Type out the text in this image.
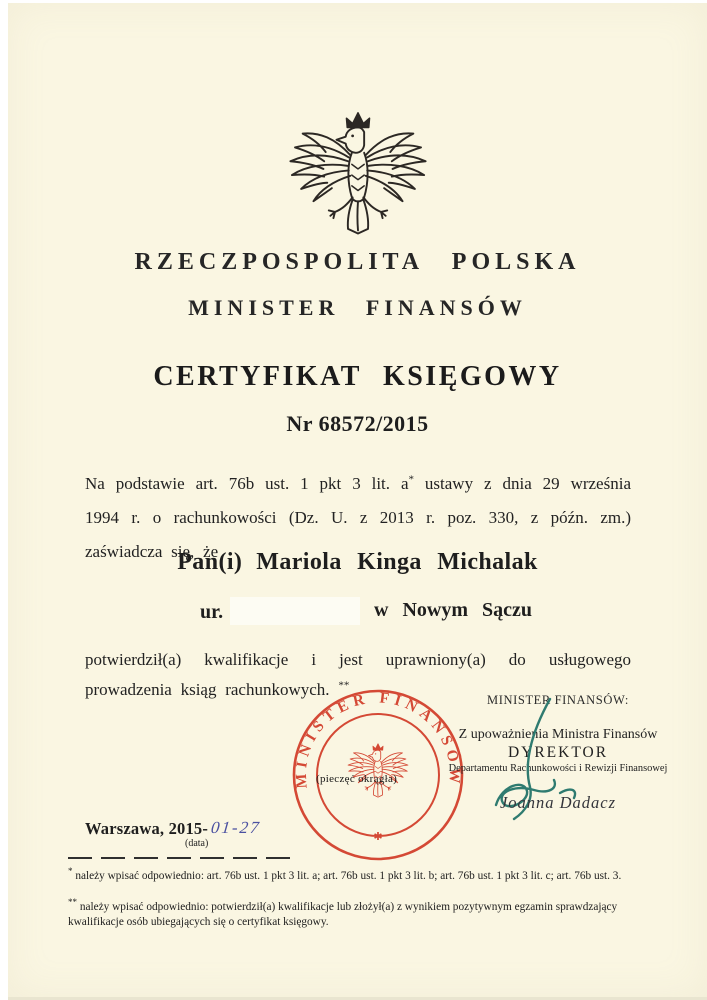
RZECZPOSPOLITA POLSKA
MINISTER FINANSÓW
CERTYFIKAT KSIĘGOWY
Nr 68572/2015
Na podstawie art. 76b ust. 1 pkt 3 lit. a* ustawy z dnia 29 września 1994 r. o rachunkowości (Dz. U. z 2013 r. poz. 330, z późn. zm.) zaświadcza się, że
Pan(i) Mariola Kinga Michalak
ur.	w Nowym Sączu
potwierdził(a) kwalifikacje i jest uprawniony(a) do usługowego prowadzenia ksiąg rachunkowych. **
MINISTER FINANSÓW
✱
(pieczęć okrągła)
MINISTER FINANSÓW:
Z upoważnienia Ministra Finansów
DYREKTOR
Departamentu Rachunkowości i Rewizji Finansowej
Joanna Dadacz
Warszawa, 2015- 01-27
(data)
* należy wpisać odpowiednio: art. 76b ust. 1 pkt 3 lit. a; art. 76b ust. 1 pkt 3 lit. b; art. 76b ust. 1 pkt 3 lit. c; art. 76b ust. 3.
** należy wpisać odpowiednio: potwierdził(a) kwalifikacje lub złożył(a) z wynikiem pozytywnym egzamin sprawdzający kwalifikacje osób ubiegających się o certyfikat księgowy.
